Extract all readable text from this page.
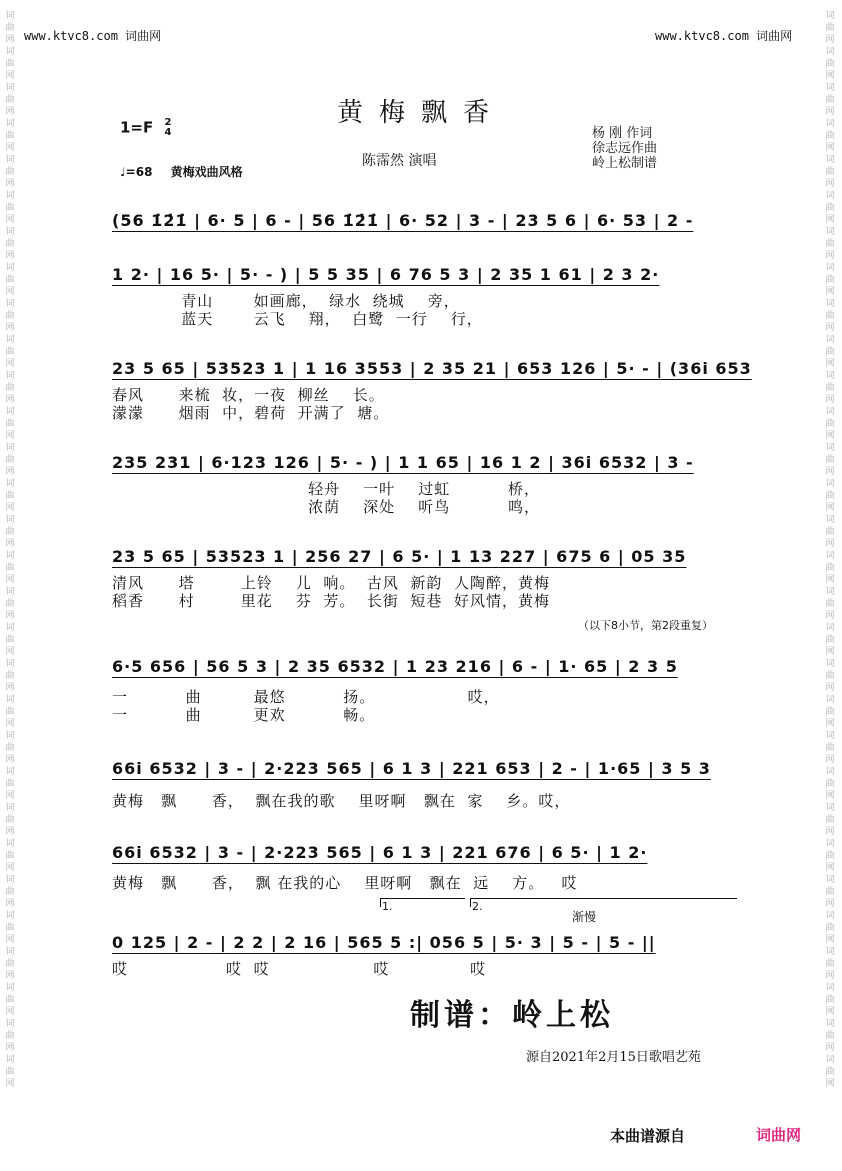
www.ktvc8.com 词曲网	www.ktvc8.com 词曲网
词曲网词曲网词曲网词曲网词曲网词曲网词曲网词曲网词曲网词曲网词曲网词曲网词曲网词曲网词曲网词曲网词曲网词曲网词曲网词曲网词曲网词曲网词曲网词曲网词曲网词曲网词曲网词曲网词曲网词曲网
词曲网词曲网词曲网词曲网词曲网词曲网词曲网词曲网词曲网词曲网词曲网词曲网词曲网词曲网词曲网词曲网词曲网词曲网词曲网词曲网词曲网词曲网词曲网词曲网词曲网词曲网词曲网词曲网词曲网词曲网
黄梅飘香
1=F 2
4
陈霈然 演唱
杨 刚 作词
徐志远作曲
岭上松制谱
♩=68 黄梅戏曲风格
(56 1̇2̇1̇ | 6· 5 | 6 - | 56 1̇2̇1̇ | 6· 52 | 3 - | 23 5 6 | 6· 53 | 2 -
1 2· | 16 5· | 5· - ) | 5 5 35 | 6 76 5 3 | 2 35 1 61 | 2 3 2·
青山       如画廊，  绿水  绕城    旁，
蓝天       云飞    翔，  白鹭  一行    行，
23 5 65 | 53523 1 | 1 16 3553 | 2 35 21 | 653 126 | 5· - | (36i 653
春风      来梳  妆，一夜  柳丝    长。
濛濛      烟雨  中，碧荷  开满了  塘。
235 231 | 6·123 126 | 5· - ) | 1 1 65 | 16 1 2 | 36i 6532 | 3 -
轻舟    一叶    过虹          桥，
浓荫    深处    听鸟          鸣，
23 5 65 | 53523 1 | 256 27 | 6 5· | 1 13 227 | 675 6 | 05 35
清风      塔        上铃    儿  响。  古风  新韵  人陶醉，黄梅
稻香      村        里花    芬  芳。  长街  短巷  好风情，黄梅
（以下8小节，第2段重复）
6·5 656 | 56 5 3 | 2 35 6532 | 1 23 216 | 6 - | 1· 65 | 2 3 5
一          曲         最悠          扬。                哎，
一          曲         更欢          畅。
66i 6532 | 3 - | 2·223 565 | 6 1 3 | 221 653 | 2 - | 1·65 | 3 5 3
黄梅   飘      香，  飘在我的歌    里呀啊   飘在  家    乡。哎，
66i 6532 | 3 - | 2·223 565 | 6 1 3 | 221 676 | 6 5· | 1 2·
黄梅   飘      香，  飘 在我的心    里呀啊   飘在  远    方。   哎
1.	2.
渐慢
0 125 | 2 - | 2 2 | 2 16 | 565 5 :| 056 5 | 5· 3 | 5 - | 5 - ||
哎                 哎  哎                  哎              哎
制谱：岭上松
源自2021年2月15日歌唱艺苑
本曲谱源自	词曲网
